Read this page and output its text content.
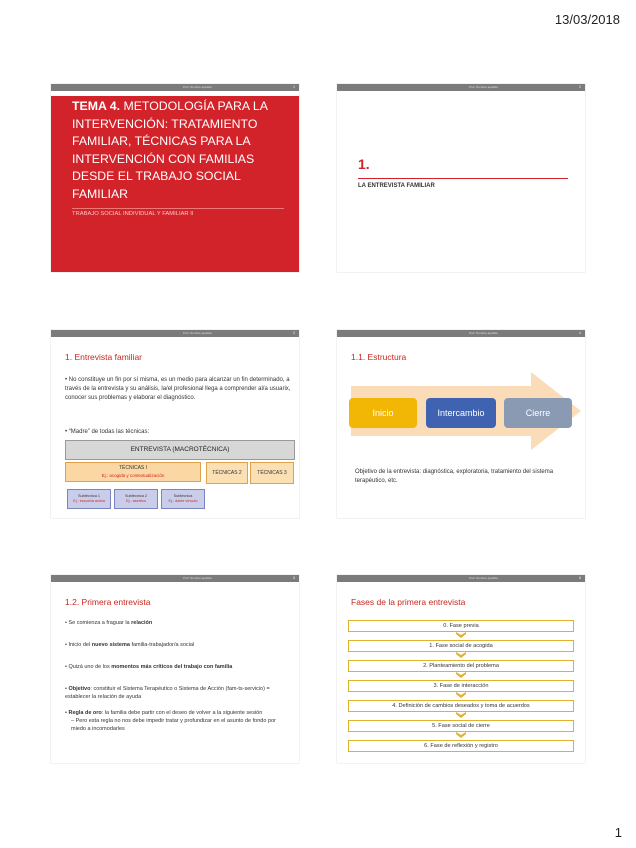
13/03/2018
Prof. Nombre apellido	1
TEMA 4. METODOLOGÍA PARA LA INTERVENCIÓN: TRATAMIENTO FAMILIAR, TÉCNICAS PARA LA INTERVENCIÓN CON FAMILIAS DESDE EL TRABAJO SOCIAL FAMILIAR
TRABAJO SOCIAL INDIVIDUAL Y FAMILIAR II
Prof. Nombre apellido	2
1.
LA ENTREVISTA FAMILIAR
Prof. Nombre apellido	3
1. Entrevista familiar
• No constituye un fin por sí misma, es un medio para alcanzar un fin determinado, a través de la entrevista y su análisis, la/el profesional llega a comprender al/a usuarix, conocer sus problemas y elaborar el diagnóstico.
• “Madre” de todas las técnicas:
ENTREVISTA (MACROTÉCNICA)
TÉCNICAS I
Ej.: acogida y contextualización	TÉCNICAS 2	TÉCNICAS 3
Subtécnica 1
Ej.: escucha activa
Subtécnica 2
Ej.: asertivo
Subtécnica
Ej.: doble vínculo
Prof. Nombre apellido	4
1.1. Estructura
Inicio	Intercambio	Cierre
Objetivo de la entrevista: diagnóstica, exploratoria, tratamiento del sistema terapéutico, etc.
Prof. Nombre apellido	5
1.2. Primera entrevista
• Se comienza a fraguar la relación
• Inicio del nuevo sistema familia-trabajador/a social
• Quizá uno de los momentos más críticos del trabajo con familia
• Objetivo: constituir el Sistema Terapéutico o Sistema de Acción (fam-ts-servicio) = establecer la relación de ayuda
• Regla de oro: la familia debe partir con el deseo de volver a la siguiente sesión
– Pero esta regla no nos debe impedir tratar y profundizar en el asunto de fondo por miedo a incomodarles
Prof. Nombre apellido	6
Fases de la primera entrevista
0. Fase previa
1. Fase social de acogida
2. Planteamiento del problema
3. Fase de interacción
4. Definición de cambios deseados y toma de acuerdos
5. Fase social de cierre
6. Fase de reflexión y registro
1
